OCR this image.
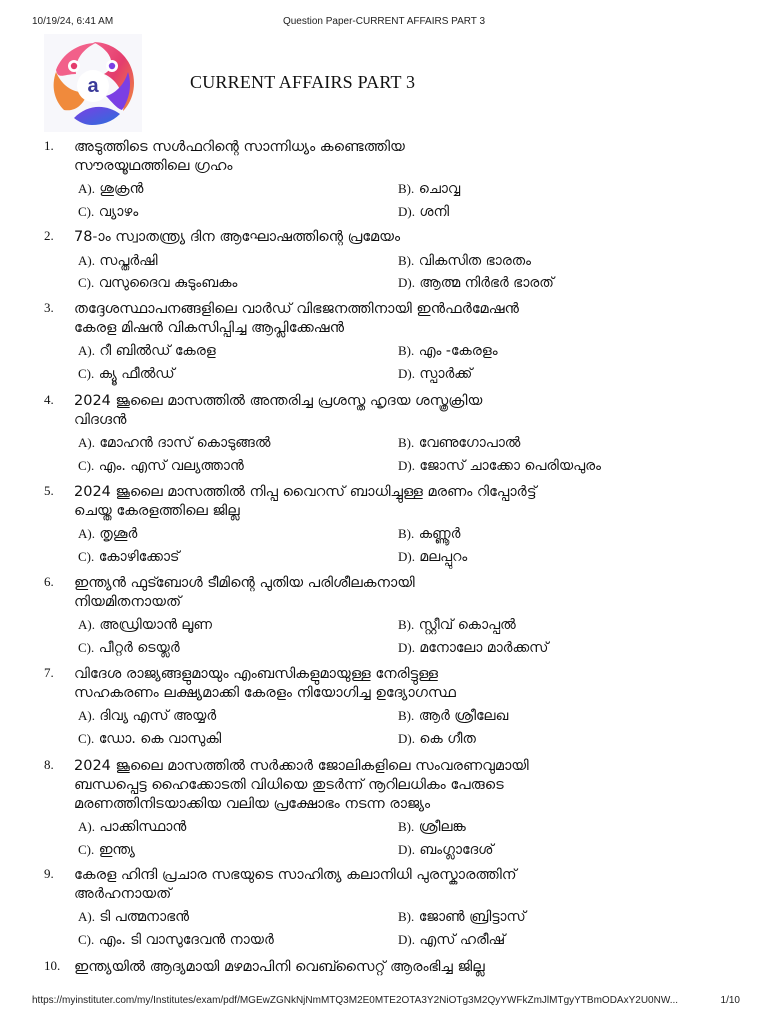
10/19/24, 6:41 AM	Question Paper-CURRENT AFFAIRS PART 3
a	CURRENT AFFAIRS PART 3
1. അടുത്തിടെ സൾഫറിന്റെ സാന്നിധ്യം കണ്ടെത്തിയ
സൗരയൂഥത്തിലെ ഗ്രഹം
A). ശുക്രൻ	B). ചൊവ്വ
C). വ്യാഴം	D). ശനി
2. 78-ാം സ്വാതന്ത്ര്യ ദിന ആഘോഷത്തിന്റെ പ്രമേയം
A). സപ്തർഷി	B). വികസിത ഭാരതം
C). വസുദൈവ കുടുംബകം	D). ആത്മ നിർഭർ ഭാരത്
3. തദ്ദേശസ്ഥാപനങ്ങളിലെ വാർഡ് വിഭജനത്തിനായി ഇൻഫർമേഷൻ
കേരള മിഷൻ വികസിപ്പിച്ച ആപ്ലിക്കേഷൻ
A). റീ ബിൽഡ് കേരള	B). എം -കേരളം
C). ക്യൂ ഫീൽഡ്	D). സ്പാർക്ക്
4. 2024 ജൂലൈ മാസത്തിൽ അന്തരിച്ച പ്രശസ്ത ഹൃദയ ശസ്ത്രക്രിയ
വിദഗ്ദൻ
A). മോഹൻ ദാസ് കൊടുങ്ങൽ	B). വേണുഗോപാൽ
C). എം. എസ് വല്യത്താൻ	D). ജോസ് ചാക്കോ പെരിയപുരം
5. 2024 ജൂലൈ മാസത്തിൽ നിപ്പ വൈറസ് ബാധിച്ചുള്ള മരണം റിപ്പോർട്ട്
ചെയ്ത കേരളത്തിലെ ജില്ല
A). തൃശൂർ	B). കണ്ണൂർ
C). കോഴിക്കോട്	D). മലപ്പുറം
6. ഇന്ത്യൻ ഫുട്ബോൾ ടീമിന്റെ പുതിയ പരിശീലകനായി
നിയമിതനായത്
A). അഡ്രിയാൻ ലൂണ	B). സ്റ്റീവ് കൊപ്പൽ
C). പീറ്റർ ടെയ്ലർ	D). മനോലോ മാർക്കസ്
7. വിദേശ രാജ്യങ്ങളുമായും എംബസികളുമായുള്ള നേരിട്ടുള്ള
സഹകരണം ലക്ഷ്യമാക്കി കേരളം നിയോഗിച്ച ഉദ്യോഗസ്ഥ
A). ദിവ്യ എസ് അയ്യർ	B). ആർ ശ്രീലേഖ
C). ഡോ. കെ വാസുകി	D). കെ ഗീത
8. 2024 ജൂലൈ മാസത്തിൽ സർക്കാർ ജോലികളിലെ സംവരണവുമായി
ബന്ധപ്പെട്ട ഹൈക്കോടതി വിധിയെ തുടർന്ന് നൂറിലധികം പേരുടെ
മരണത്തിനിടയാക്കിയ വലിയ പ്രക്ഷോഭം നടന്ന രാജ്യം
A). പാക്കിസ്ഥാൻ	B). ശ്രീലങ്ക
C). ഇന്ത്യ	D). ബംഗ്ലാദേശ്
9. കേരള ഹിന്ദി പ്രചാര സഭയുടെ സാഹിത്യ കലാനിധി പുരസ്കാരത്തിന്
അർഹനായത്
A). ടി പത്മനാഭൻ	B). ജോൺ ബ്രിട്ടാസ്
C). എം. ടി വാസുദേവൻ നായർ	D). എസ് ഹരീഷ്
10. ഇന്ത്യയിൽ ആദ്യമായി മഴമാപിനി വെബ്സൈറ്റ് ആരംഭിച്ച ജില്ല
https://myinstituter.com/my/Institutes/exam/pdf/MGEwZGNkNjNmMTQ3M2E0MTE2OTA3Y2NiOTg3M2QyYWFkZmJlMTgyYTBmODAxY2U0NW...	1/10
